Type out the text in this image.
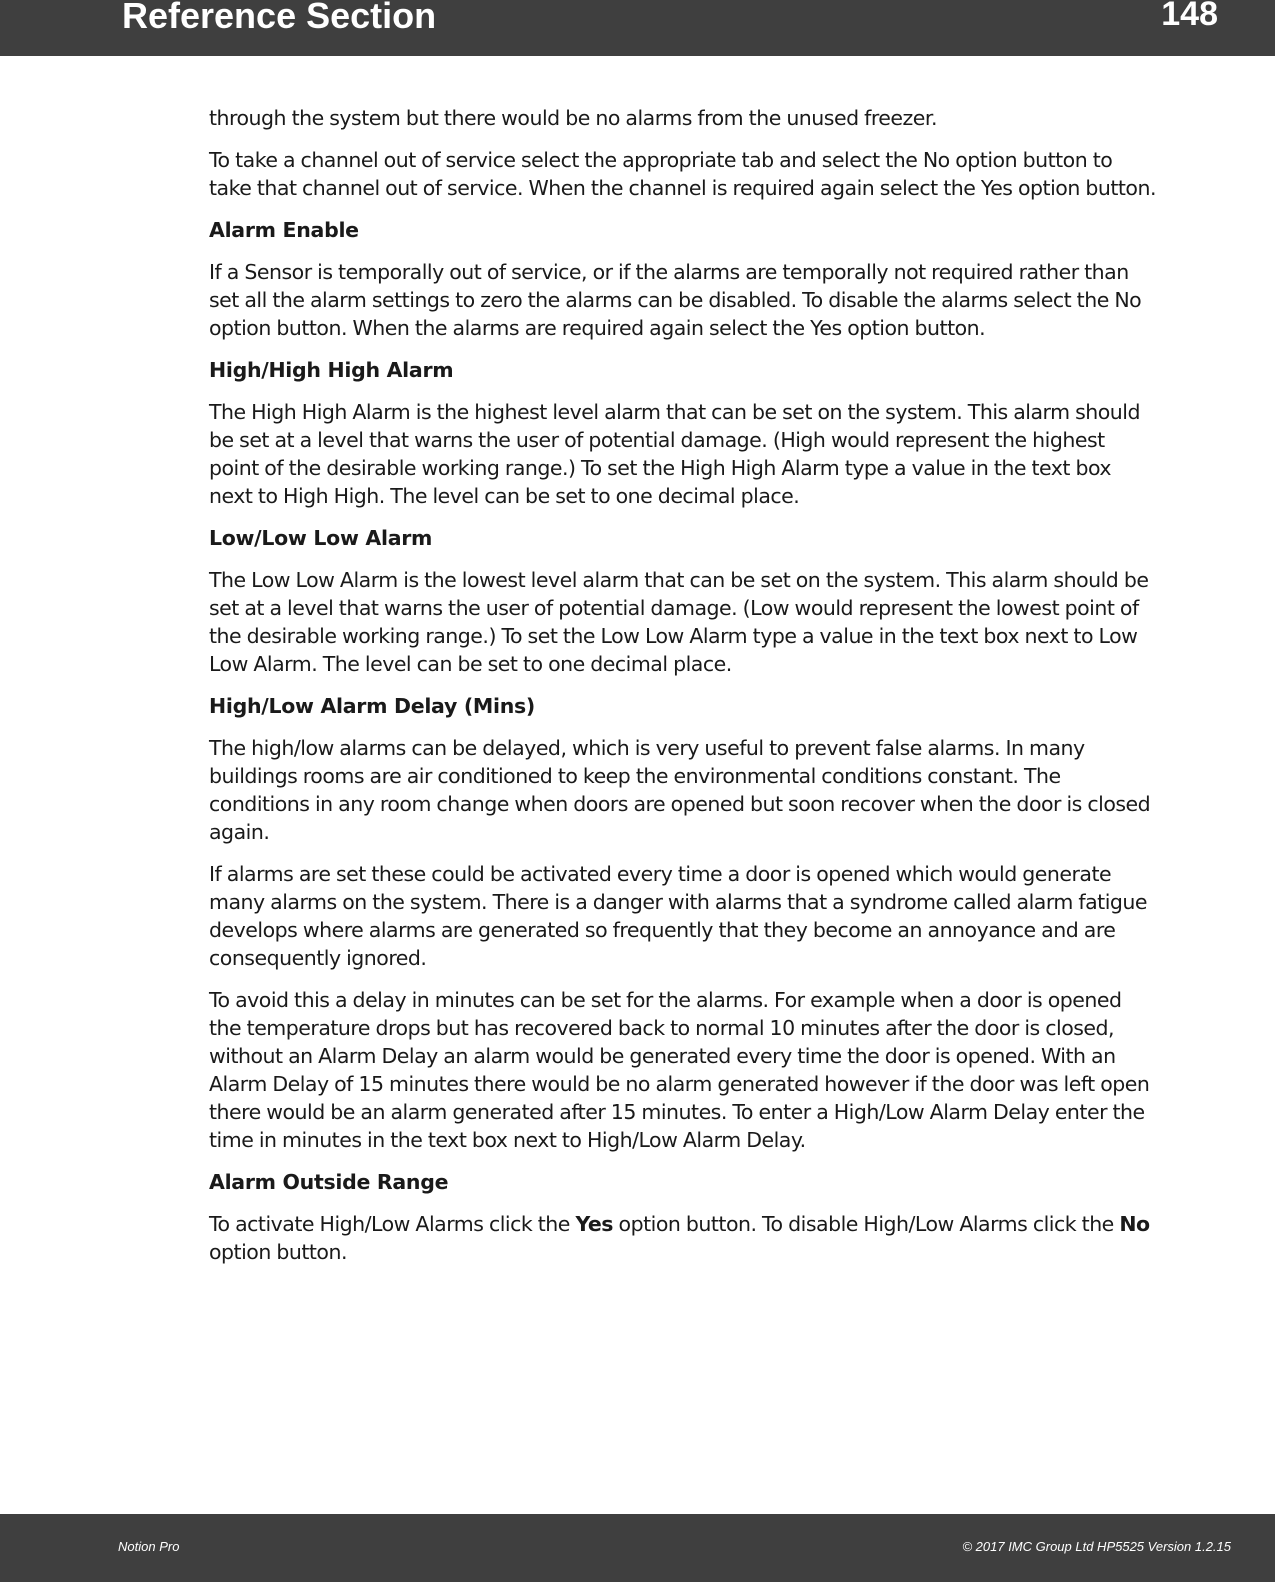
Reference Section	148

through the system but there would be no alarms from the unused freezer.

To take a channel out of service select the appropriate tab and select the No option button to take that channel out of service. When the channel is required again select the Yes option button.

Alarm Enable

If a Sensor is temporally out of service, or if the alarms are temporally not required rather than set all the alarm settings to zero the alarms can be disabled. To disable the alarms select the No option button. When the alarms are required again select the Yes option button.

High/High High Alarm

The High High Alarm is the highest level alarm that can be set on the system. This alarm should be set at a level that warns the user of potential damage. (High would represent the highest point of the desirable working range.) To set the High High Alarm type a value in the text box next to High High. The level can be set to one decimal place.

Low/Low Low Alarm

The Low Low Alarm is the lowest level alarm that can be set on the system. This alarm should be set at a level that warns the user of potential damage. (Low would represent the lowest point of the desirable working range.) To set the Low Low Alarm type a value in the text box next to Low Low Alarm. The level can be set to one decimal place.

High/Low Alarm Delay (Mins)

The high/low alarms can be delayed, which is very useful to prevent false alarms. In many buildings rooms are air conditioned to keep the environmental conditions constant. The conditions in any room change when doors are opened but soon recover when the door is closed again.

If alarms are set these could be activated every time a door is opened which would generate many alarms on the system. There is a danger with alarms that a syndrome called alarm fatigue develops where alarms are generated so frequently that they become an annoyance and are consequently ignored.

To avoid this a delay in minutes can be set for the alarms. For example when a door is opened the temperature drops but has recovered back to normal 10 minutes after the door is closed, without an Alarm Delay an alarm would be generated every time the door is opened. With an Alarm Delay of 15 minutes there would be no alarm generated however if the door was left open there would be an alarm generated after 15 minutes. To enter a High/Low Alarm Delay enter the time in minutes in the text box next to High/Low Alarm Delay.

Alarm Outside Range

To activate High/Low Alarms click the Yes option button. To disable High/Low Alarms click the No option button.

Notion Pro	© 2017 IMC Group Ltd HP5525 Version 1.2.15
